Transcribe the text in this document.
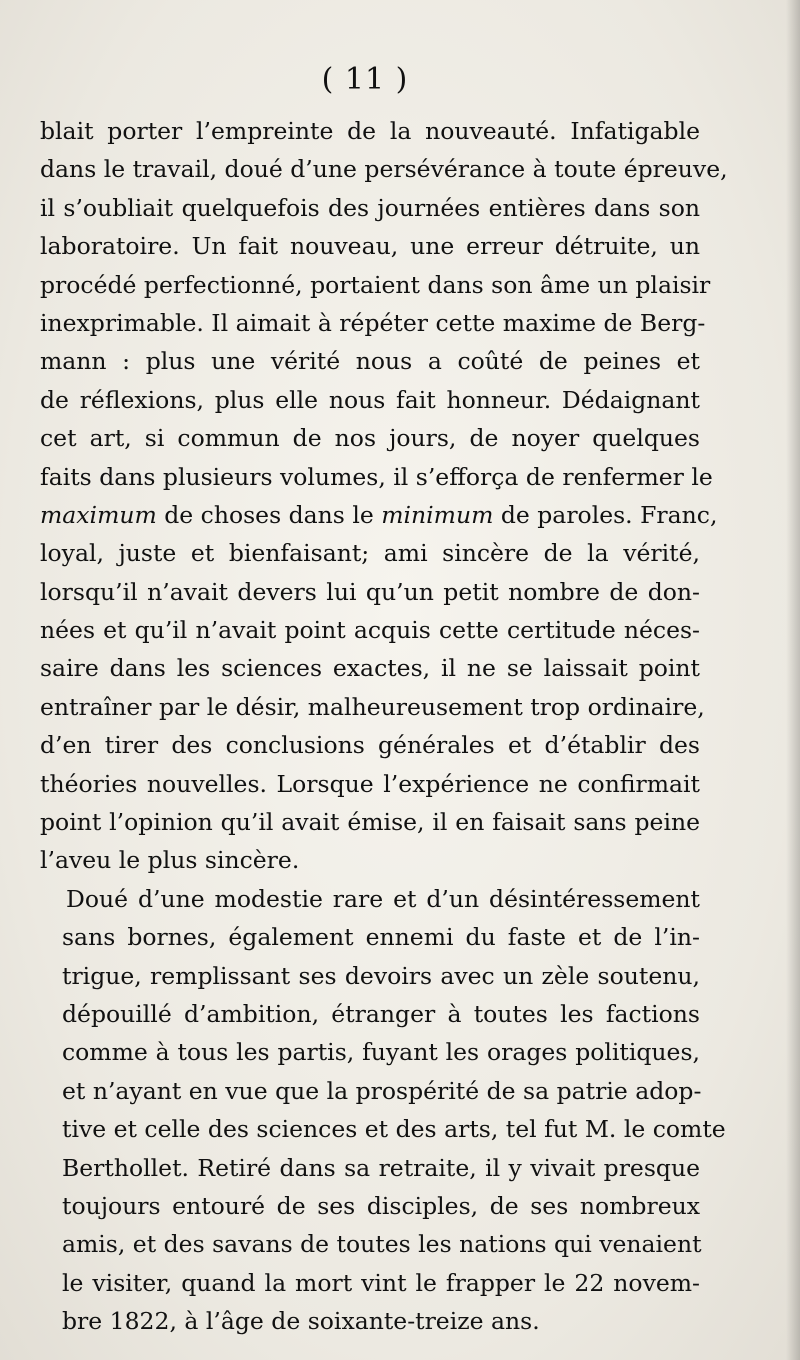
( 11 )
blait porter l’empreinte de la nouveauté. Infatigable
dans le travail, doué d’une persévérance à toute épreuve,
il s’oubliait quelquefois des journées entières dans son
laboratoire. Un fait nouveau, une erreur détruite, un
procédé perfectionné, portaient dans son âme un plaisir
inexprimable. Il aimait à répéter cette maxime de Berg-
mann : plus une vérité nous a coûté de peines et
de réflexions, plus elle nous fait honneur. Dédaignant
cet art, si commun de nos jours, de noyer quelques
faits dans plusieurs volumes, il s’efforça de renfermer le
maximum de choses dans le minimum de paroles. Franc,
loyal, juste et bienfaisant; ami sincère de la vérité,
lorsqu’il n’avait devers lui qu’un petit nombre de don-
nées et qu’il n’avait point acquis cette certitude néces-
saire dans les sciences exactes, il ne se laissait point
entraîner par le désir, malheureusement trop ordinaire,
d’en tirer des conclusions générales et d’établir des
théories nouvelles. Lorsque l’expérience ne confirmait
point l’opinion qu’il avait émise, il en faisait sans peine
l’aveu le plus sincère.
Doué d’une modestie rare et d’un désintéressement
sans bornes, également ennemi du faste et de l’in-
trigue, remplissant ses devoirs avec un zèle soutenu,
dépouillé d’ambition, étranger à toutes les factions
comme à tous les partis, fuyant les orages politiques,
et n’ayant en vue que la prospérité de sa patrie adop-
tive et celle des sciences et des arts, tel fut M. le comte
Berthollet. Retiré dans sa retraite, il y vivait presque
toujours entouré de ses disciples, de ses nombreux
amis, et des savans de toutes les nations qui venaient
le visiter, quand la mort vint le frapper le 22 novem-
bre 1822, à l’âge de soixante-treize ans.
